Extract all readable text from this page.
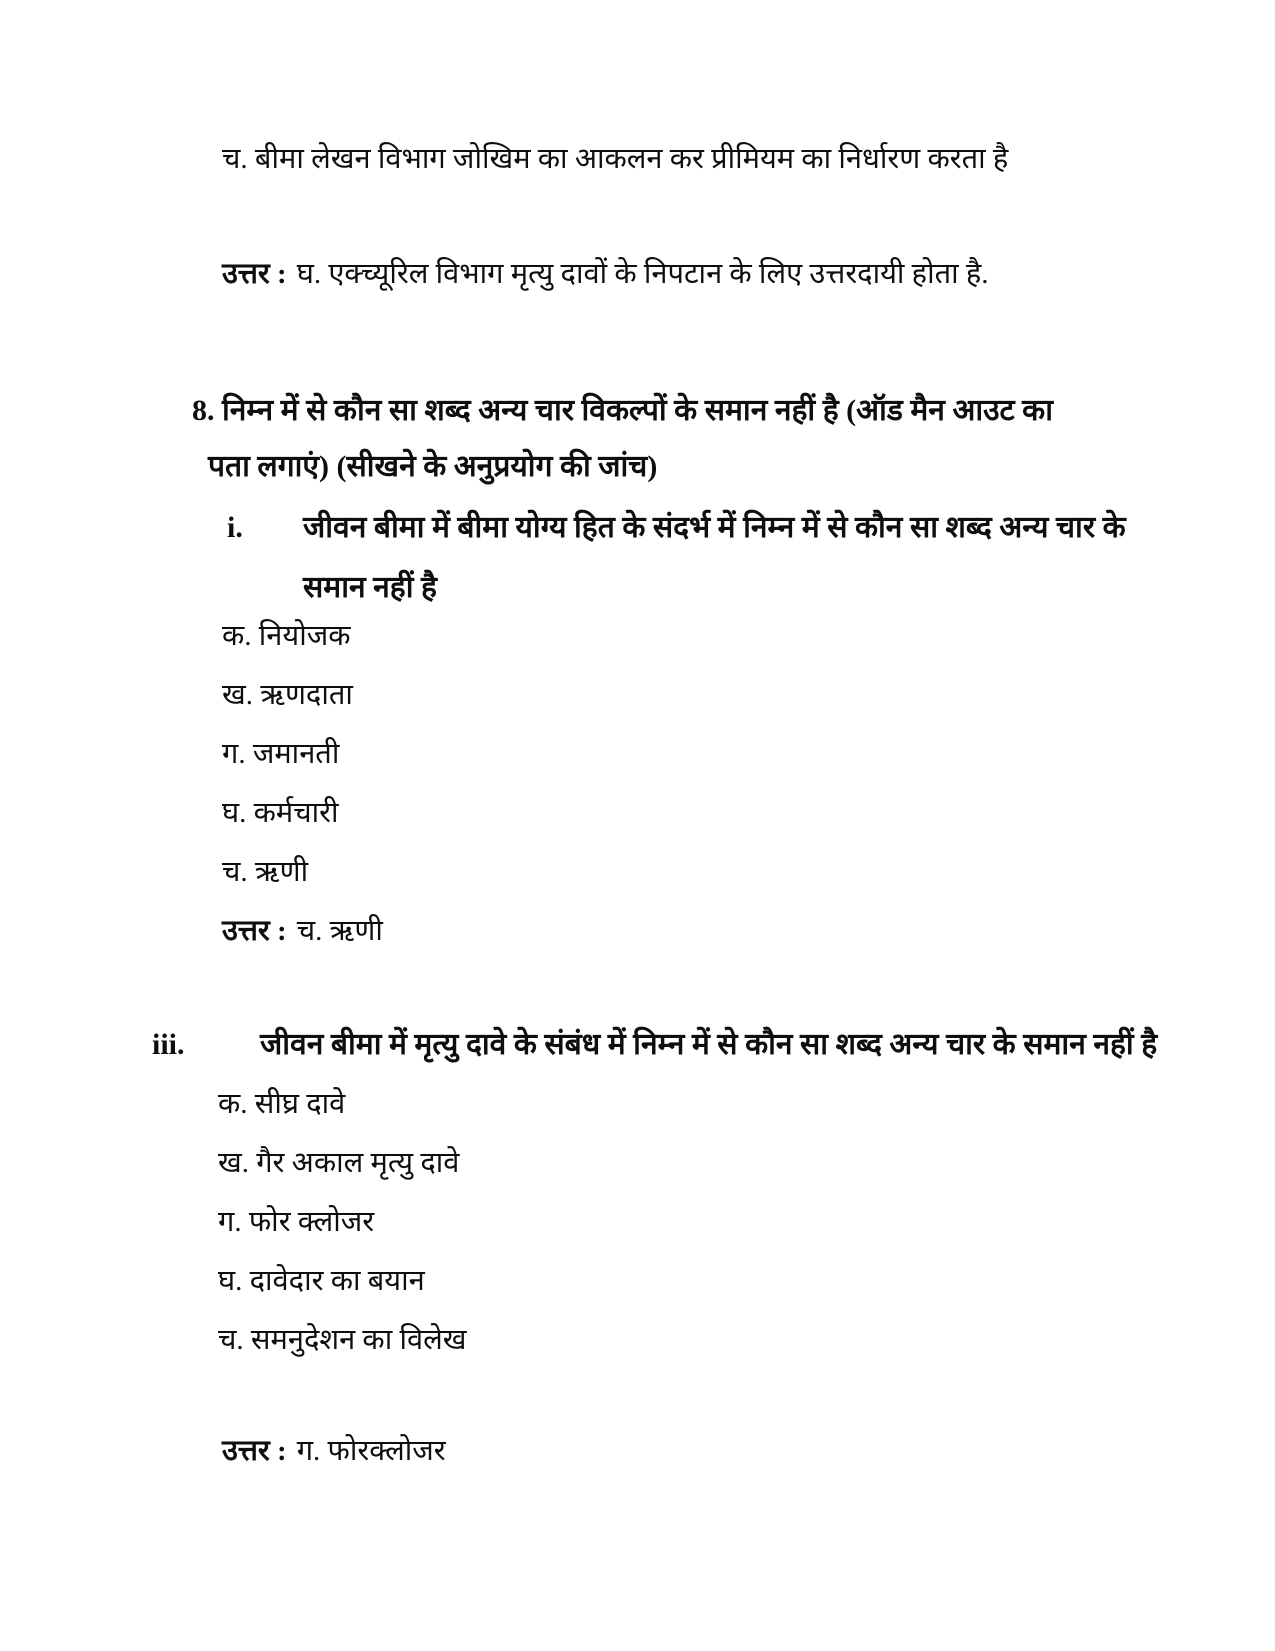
च. बीमा लेखन विभाग जोखिम का आकलन कर प्रीमियम का निर्धारण करता है
उत्तर : घ. एक्च्यूरिल विभाग मृत्यु दावों के निपटान के लिए उत्तरदायी होता है.
8. निम्न में से कौन सा शब्द अन्य चार विकल्पों के समान नहीं है (ऑड मैन आउट का पता लगाएं) (सीखने के अनुप्रयोग की जांच)
i.	जीवन बीमा में बीमा योग्य हित के संदर्भ में निम्न में से कौन सा शब्द अन्य चार के समान नहीं है
क. नियोजक
ख. ऋणदाता
ग. जमानती
घ. कर्मचारी
च. ऋणी
उत्तर : च. ऋणी
iii.	जीवन बीमा में मृत्यु दावे के संबंध में निम्न में से कौन सा शब्द अन्य चार के समान नहीं है
क. सीघ्र दावे
ख. गैर अकाल मृत्यु दावे
ग. फोर क्लोजर
घ. दावेदार का बयान
च. समनुदेशन का विलेख
उत्तर : ग. फोरक्लोजर
